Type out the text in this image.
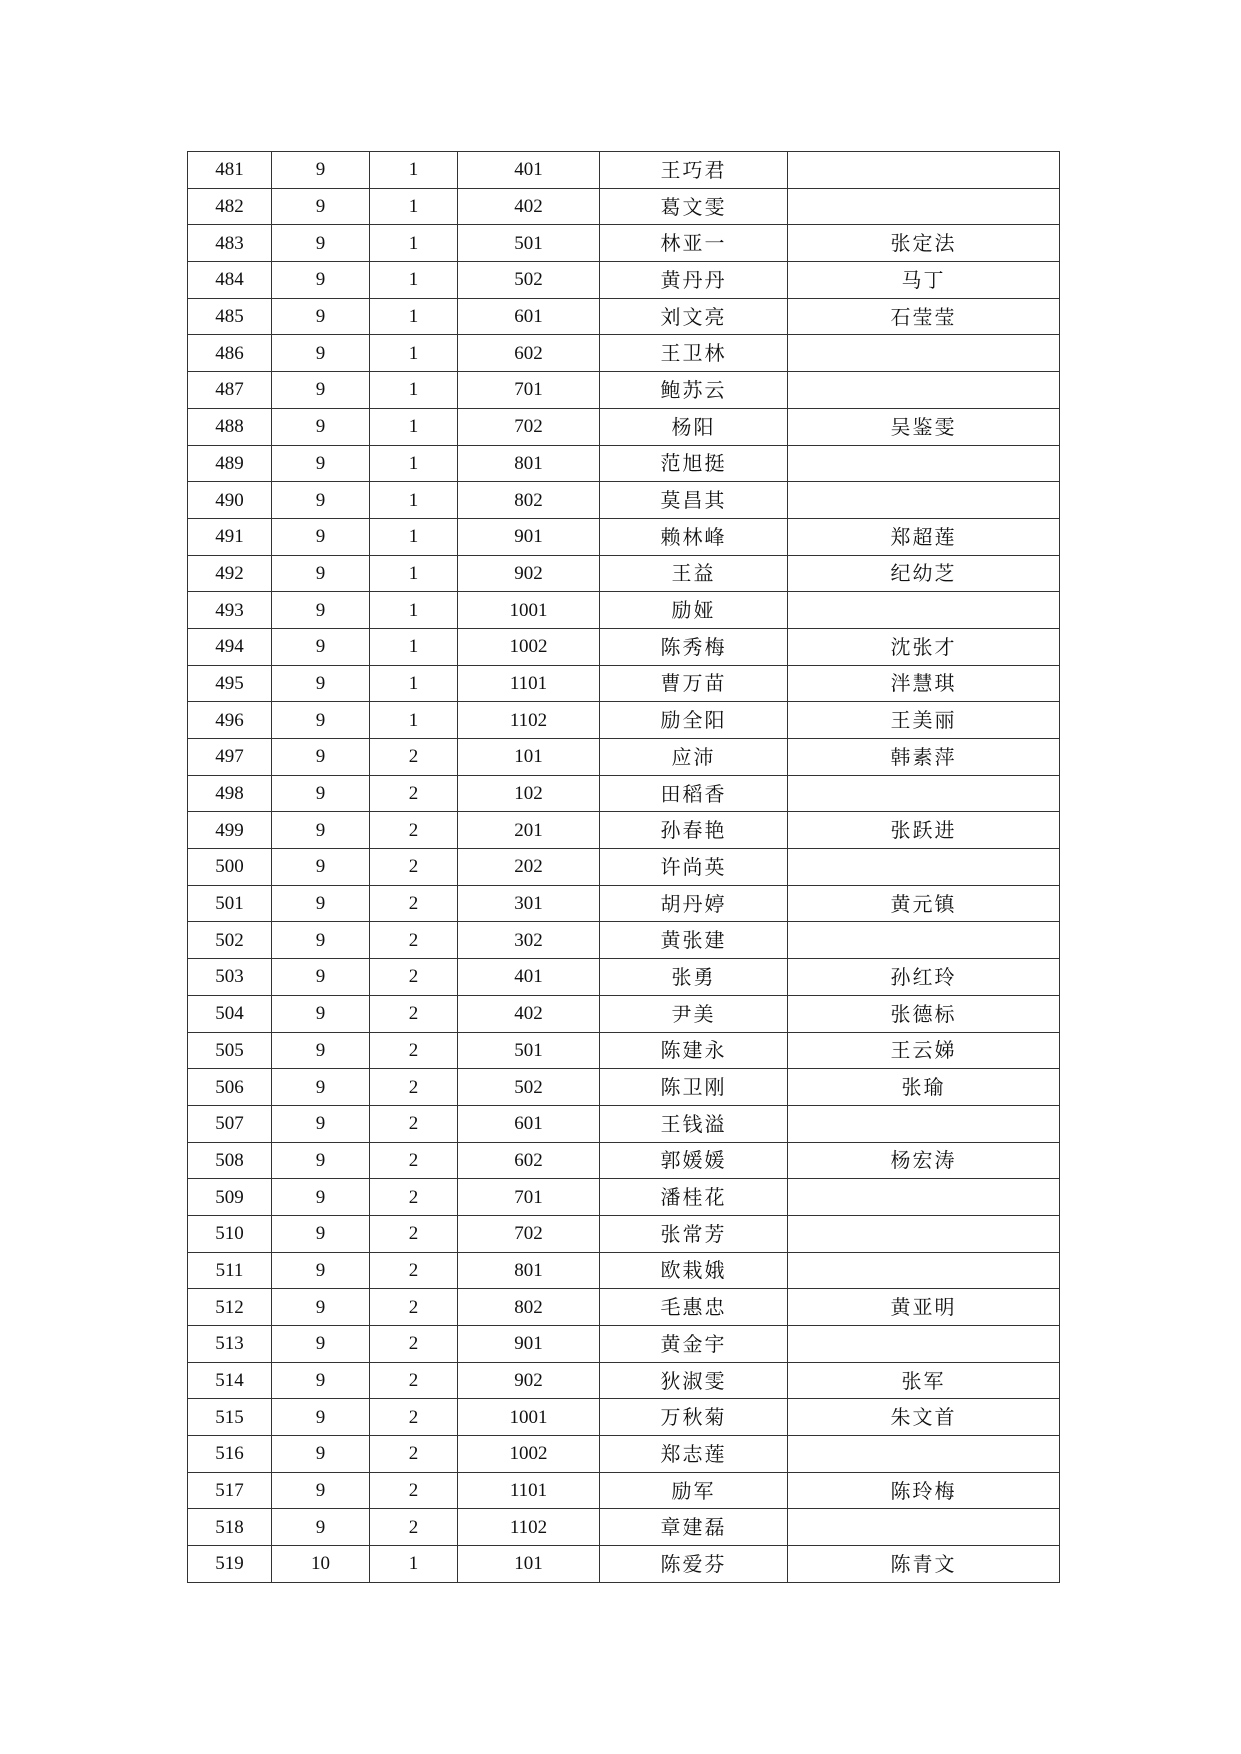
481	9	1	401	王巧君	
482	9	1	402	葛文雯	
483	9	1	501	林亚一	张定法
484	9	1	502	黄丹丹	马丁
485	9	1	601	刘文亮	石莹莹
486	9	1	602	王卫林	
487	9	1	701	鲍苏云	
488	9	1	702	杨阳	吴鉴雯
489	9	1	801	范旭挺	
490	9	1	802	莫昌其	
491	9	1	901	赖林峰	郑超莲
492	9	1	902	王益	纪幼芝
493	9	1	1001	励娅	
494	9	1	1002	陈秀梅	沈张才
495	9	1	1101	曹万苗	泮慧琪
496	9	1	1102	励全阳	王美丽
497	9	2	101	应沛	韩素萍
498	9	2	102	田稻香	
499	9	2	201	孙春艳	张跃进
500	9	2	202	许尚英	
501	9	2	301	胡丹婷	黄元镇
502	9	2	302	黄张建	
503	9	2	401	张勇	孙红玲
504	9	2	402	尹美	张德标
505	9	2	501	陈建永	王云娣
506	9	2	502	陈卫刚	张瑜
507	9	2	601	王钱溢	
508	9	2	602	郭媛媛	杨宏涛
509	9	2	701	潘桂花	
510	9	2	702	张常芳	
511	9	2	801	欧栽娥	
512	9	2	802	毛惠忠	黄亚明
513	9	2	901	黄金宇	
514	9	2	902	狄淑雯	张军
515	9	2	1001	万秋菊	朱文首
516	9	2	1002	郑志莲	
517	9	2	1101	励军	陈玲梅
518	9	2	1102	章建磊	
519	10	1	101	陈爱芬	陈青文
